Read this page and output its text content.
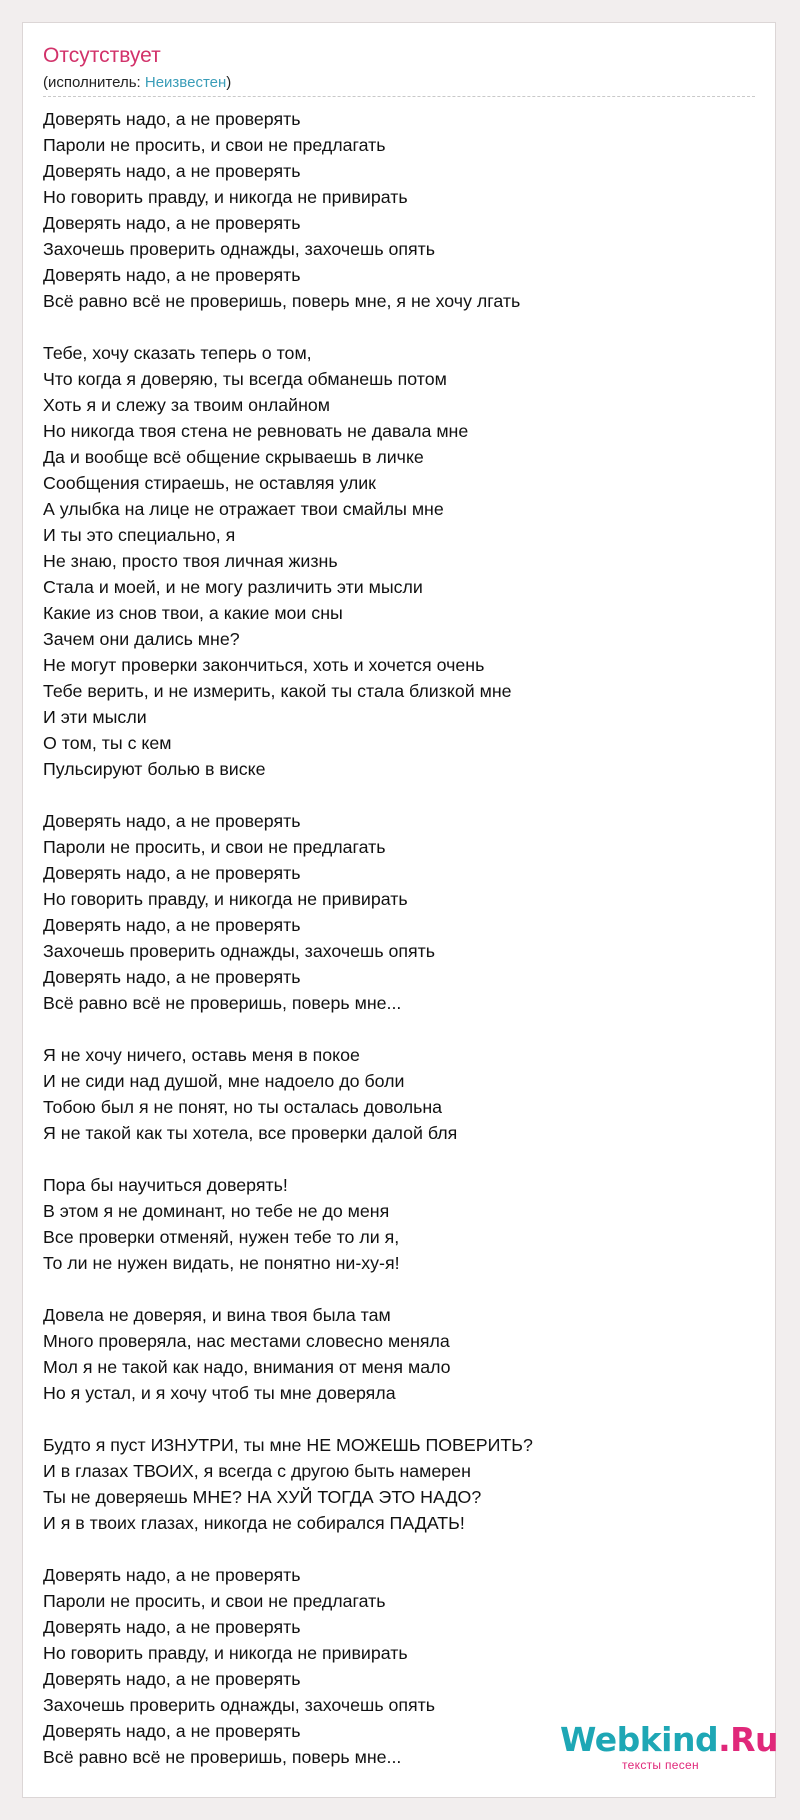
Отсутствует
(исполнитель: Неизвестен)
Доверять надо, а не проверять
Пароли не просить, и свои не предлагать
Доверять надо, а не проверять
Но говорить правду, и никогда не привирать
Доверять надо, а не проверять
Захочешь проверить однажды, захочешь опять
Доверять надо, а не проверять
Всё равно всё не проверишь, поверь мне, я не хочу лгать
Тебе, хочу сказать теперь о том,
Что когда я доверяю, ты всегда обманешь потом
Хоть я и слежу за твоим онлайном
Но никогда твоя стена не ревновать не давала мне
Да и вообще всё общение скрываешь в личке
Сообщения стираешь, не оставляя улик
А улыбка на лице не отражает твои смайлы мне
И ты это специально, я
Не знаю, просто твоя личная жизнь
Стала и моей, и не могу различить эти мысли
Какие из снов твои, а какие мои сны
Зачем они дались мне?
Не могут проверки закончиться, хоть и хочется очень
Тебе верить, и не измерить, какой ты стала близкой мне
И эти мысли
О том, ты с кем
Пульсируют болью в виске
Доверять надо, а не проверять
Пароли не просить, и свои не предлагать
Доверять надо, а не проверять
Но говорить правду, и никогда не привирать
Доверять надо, а не проверять
Захочешь проверить однажды, захочешь опять
Доверять надо, а не проверять
Всё равно всё не проверишь, поверь мне...
Я не хочу ничего, оставь меня в покое
И не сиди над душой, мне надоело до боли
Тобою был я не понят, но ты осталась довольна
Я не такой как ты хотела, все проверки далой бля
Пора бы научиться доверять!
В этом я не доминант, но тебе не до меня
Все проверки отменяй, нужен тебе то ли я,
То ли не нужен видать, не понятно ни-ху-я!
Довела не доверяя, и вина твоя была там
Много проверяла, нас местами словесно меняла
Мол я не такой как надо, внимания от меня мало
Но я устал, и я хочу чтоб ты мне доверяла
Будто я пуст ИЗНУТРИ, ты мне НЕ МОЖЕШЬ ПОВЕРИТЬ?
И в глазах ТВОИХ, я всегда с другою быть намерен
Ты не доверяешь МНЕ? НА ХУЙ ТОГДА ЭТО НАДО?
И я в твоих глазах, никогда не собирался ПАДАТЬ!
Доверять надо, а не проверять
Пароли не просить, и свои не предлагать
Доверять надо, а не проверять
Но говорить правду, и никогда не привирать
Доверять надо, а не проверять
Захочешь проверить однажды, захочешь опять
Доверять надо, а не проверять
Всё равно всё не проверишь, поверь мне...	Webkind.Ru
тексты песен
